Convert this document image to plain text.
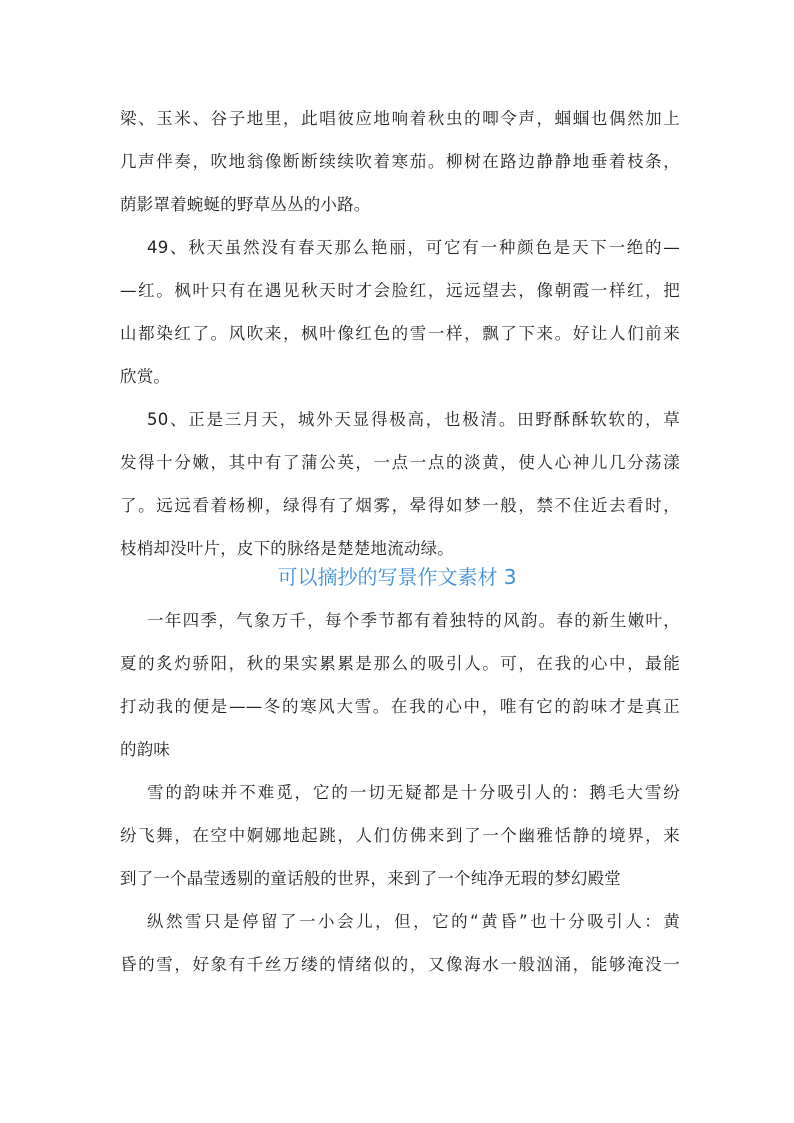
梁、玉米、谷子地里，此唱彼应地响着秋虫的唧令声，蝈蝈也偶然加上
几声伴奏，吹地翁像断断续续吹着寒茄。柳树在路边静静地垂着枝条，
荫影罩着蜿蜒的野草丛丛的小路。
49、秋天虽然没有春天那么艳丽，可它有一种颜色是天下一绝的—
—红。枫叶只有在遇见秋天时才会脸红，远远望去，像朝霞一样红，把
山都染红了。风吹来，枫叶像红色的雪一样，飘了下来。好让人们前来
欣赏。
50、正是三月天，城外天显得极高，也极清。田野酥酥软软的，草
发得十分嫩，其中有了蒲公英，一点一点的淡黄，使人心神儿几分荡漾
了。远远看着杨柳，绿得有了烟雾，晕得如梦一般，禁不住近去看时，
枝梢却没叶片，皮下的脉络是楚楚地流动绿。
可以摘抄的写景作文素材 3
一年四季，气象万千，每个季节都有着独特的风韵。春的新生嫩叶，
夏的炙灼骄阳，秋的果实累累是那么的吸引人。可，在我的心中，最能
打动我的便是——冬的寒风大雪。在我的心中，唯有它的韵味才是真正
的韵味
雪的韵味并不难觅，它的一切无疑都是十分吸引人的：鹅毛大雪纷
纷飞舞，在空中婀娜地起跳，人们仿佛来到了一个幽雅恬静的境界，来
到了一个晶莹透剔的童话般的世界，来到了一个纯净无瑕的梦幻殿堂
纵然雪只是停留了一小会儿，但，它的“黄昏”也十分吸引人：黄
昏的雪，好象有千丝万缕的情绪似的，又像海水一般汹涌，能够淹没一
